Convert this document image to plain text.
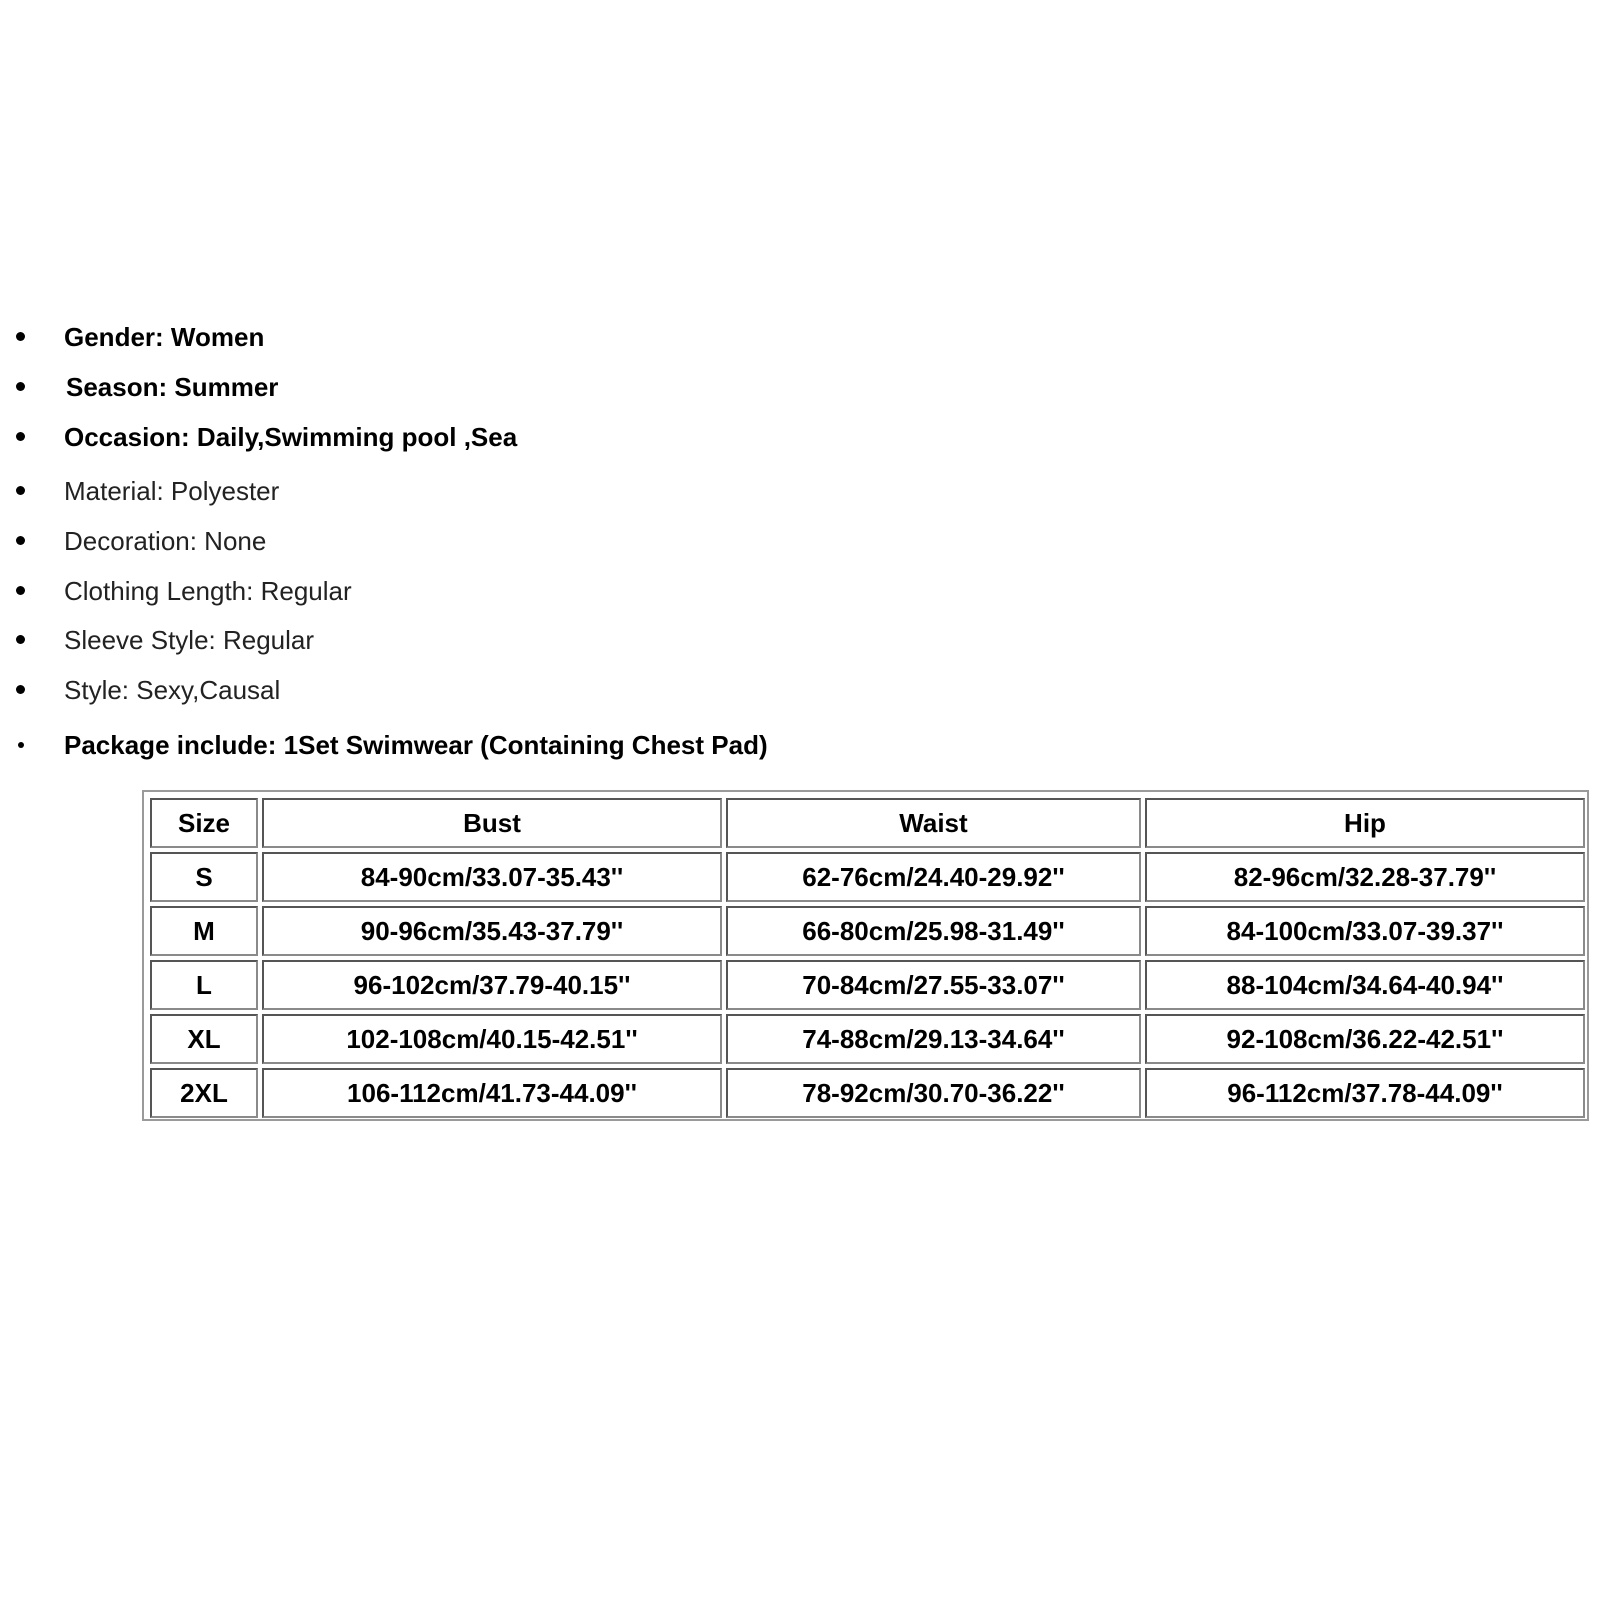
Gender: Women
Season: Summer
Occasion: Daily,Swimming pool ,Sea
Material: Polyester
Decoration: None
Clothing Length: Regular
Sleeve Style: Regular
Style: Sexy,Causal
Package include: 1Set Swimwear (Containing Chest Pad)
Size	Bust	Waist	Hip
S	84-90cm/33.07-35.43''	62-76cm/24.40-29.92''	82-96cm/32.28-37.79''
M	90-96cm/35.43-37.79''	66-80cm/25.98-31.49''	84-100cm/33.07-39.37''
L	96-102cm/37.79-40.15''	70-84cm/27.55-33.07''	88-104cm/34.64-40.94''
XL	102-108cm/40.15-42.51''	74-88cm/29.13-34.64''	92-108cm/36.22-42.51''
2XL	106-112cm/41.73-44.09''	78-92cm/30.70-36.22''	96-112cm/37.78-44.09''
